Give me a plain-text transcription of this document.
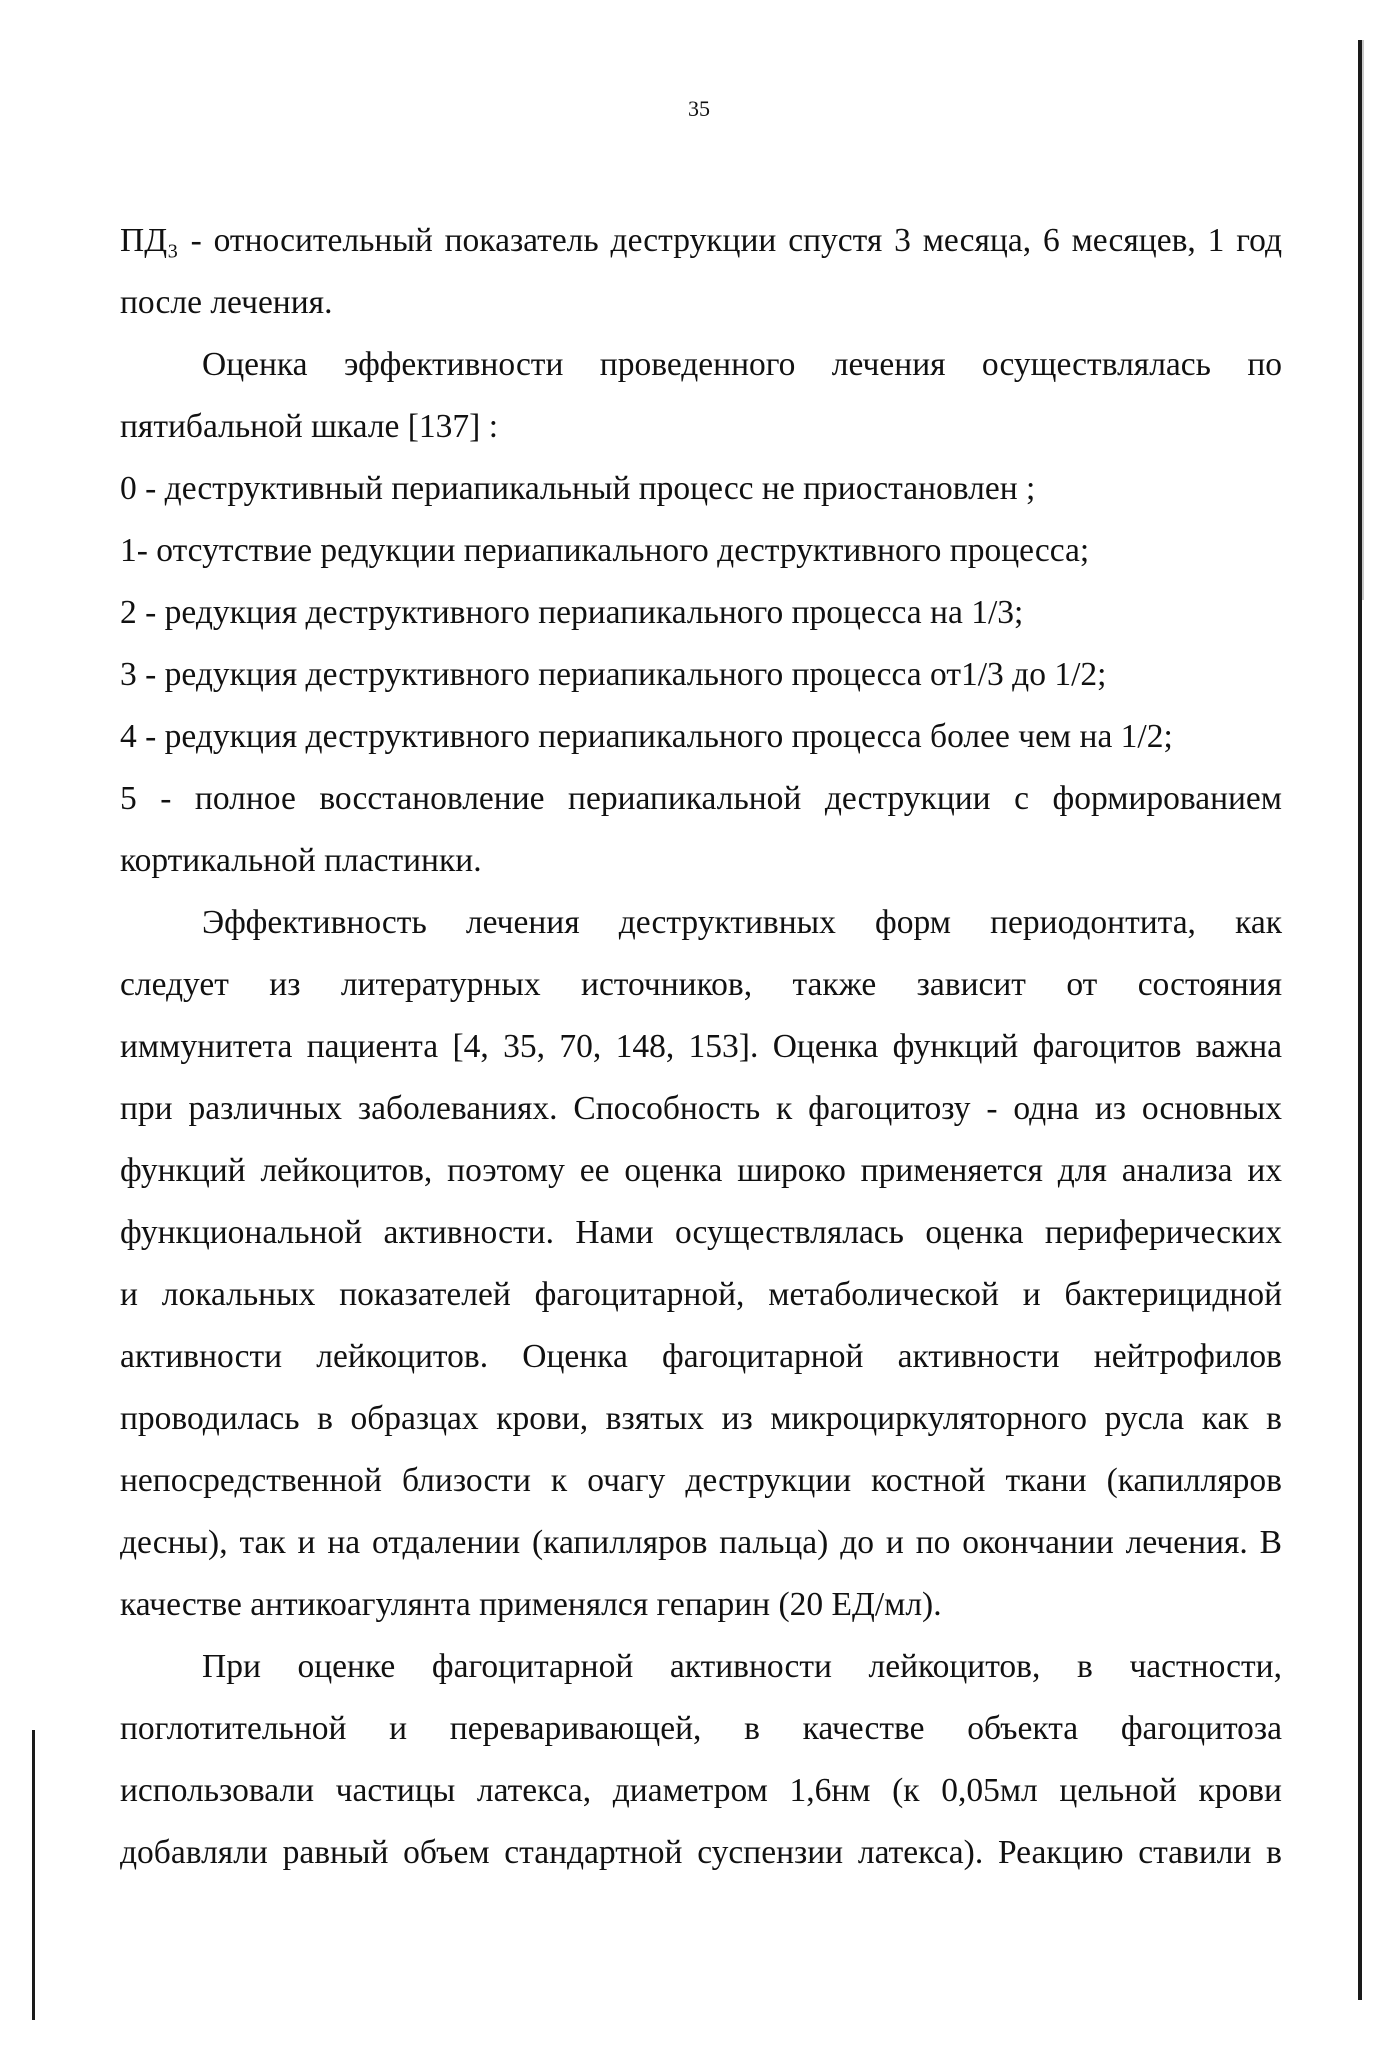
35

ПД₃ - относительный показатель деструкции спустя 3 месяца, 6 месяцев, 1 год

после лечения.

Оценка эффективности проведенного лечения осуществлялась по

пятибальной шкале [137] :

0 - деструктивный периапикальный процесс не приостановлен ;

1- отсутствие редукции периапикального деструктивного процесса;

2 - редукция деструктивного периапикального процесса на 1/3;

3 - редукция деструктивного периапикального процесса от1/3 до 1/2;

4 - редукция деструктивного периапикального процесса более чем на 1/2;

5 - полное восстановление периапикальной деструкции с формированием

кортикальной пластинки.

Эффективность лечения деструктивных форм периодонтита, как

следует из литературных источников, также зависит от состояния

иммунитета пациента [4, 35, 70, 148, 153]. Оценка функций фагоцитов важна

при различных заболеваниях. Способность к фагоцитозу - одна из основных

функций лейкоцитов, поэтому ее оценка широко применяется для анализа их

функциональной активности. Нами осуществлялась оценка периферических

и локальных показателей фагоцитарной, метаболической и бактерицидной

активности лейкоцитов. Оценка фагоцитарной активности нейтрофилов

проводилась в образцах крови, взятых из микроциркуляторного русла как в

непосредственной близости к очагу деструкции костной ткани (капилляров

десны), так и на отдалении (капилляров пальца) до и по окончании лечения. В

качестве антикоагулянта применялся гепарин (20 ЕД/мл).

При оценке фагоцитарной активности лейкоцитов, в частности,

поглотительной и переваривающей, в качестве объекта фагоцитоза

использовали частицы латекса, диаметром 1,6нм (к 0,05мл цельной крови

добавляли равный объем стандартной суспензии латекса). Реакцию ставили в
